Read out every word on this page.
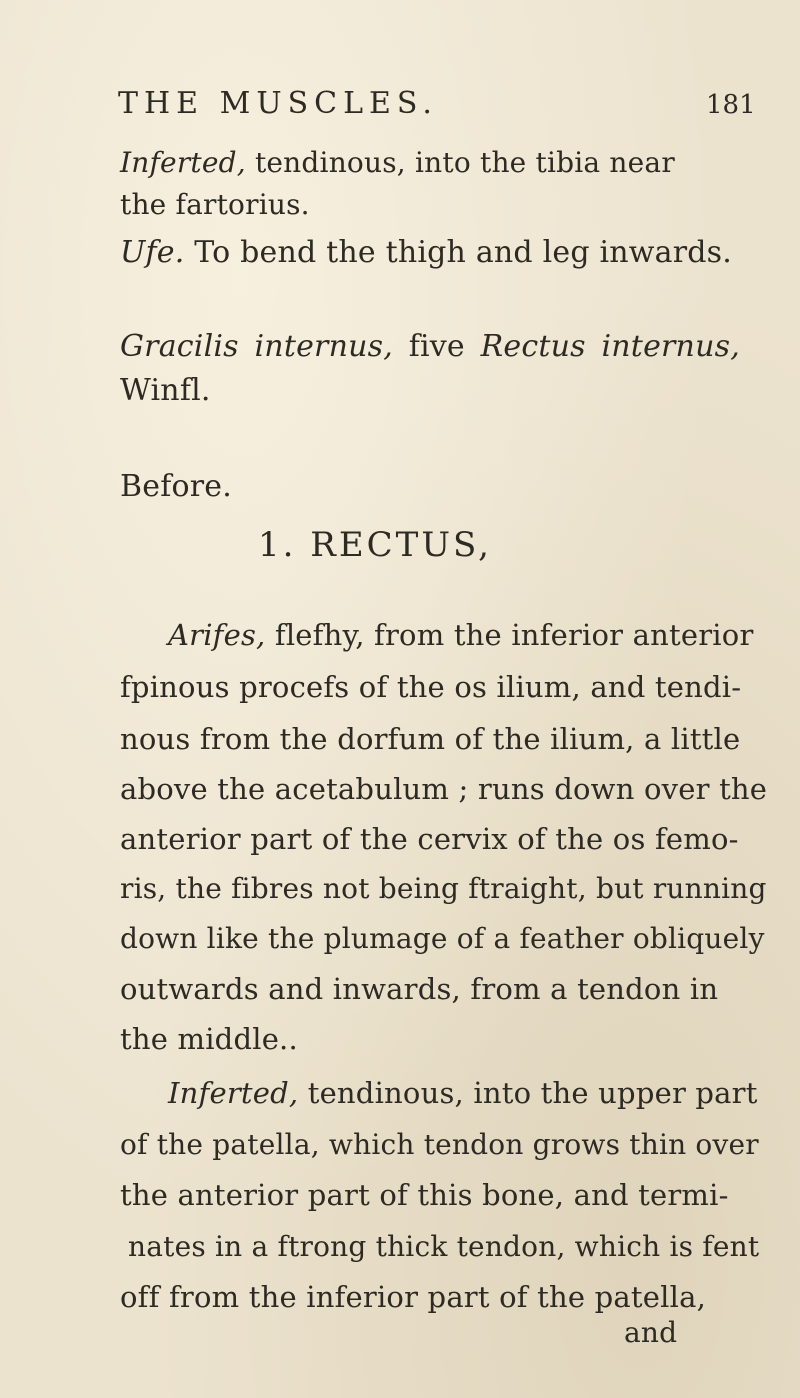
THE MUSCLES.	181
Inferted, tendinous, into the tibia near
the fartorius.
Ufe. To bend the thigh and leg inwards.
Gracilis internus, five Rectus internus,
Winfl.
Before.
1. RECTUS,
Arifes, flefhy, from the inferior anterior
fpinous procefs of the os ilium, and tendi-
nous from the dorfum of the ilium, a little
above the acetabulum ; runs down over the
anterior part of the cervix of the os femo-
ris, the fibres not being ftraight, but running
down like the plumage of a feather obliquely
outwards and inwards, from a tendon in
the middle..
Inferted, tendinous, into the upper part
of the patella, which tendon grows thin over
the anterior part of this bone, and termi-
nates in a ftrong thick tendon, which is fent
off from the inferior part of the patella,
and
